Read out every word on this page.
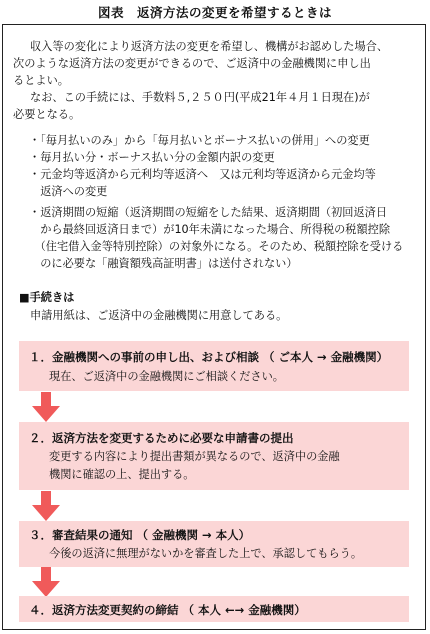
図表　返済方法の変更を希望するときは
収入等の変化により返済方法の変更を希望し、機構がお認めした場合、
次のような返済方法の変更ができるので、ご返済中の金融機関に申し出
るとよい。
なお、この手続には、手数料５,２５０円(平成21年４月１日現在)が
必要となる。
・「毎月払いのみ」から「毎月払いとボーナス払いの併用」への変更
・毎月払い分・ボーナス払い分の金額内訳の変更
・元金均等返済から元利均等返済へ　又は元利均等返済から元金均等
　返済への変更
・返済期間の短縮（返済期間の短縮をした結果、返済期間（初回返済日
　から最終回返済日まで）が10年未満になった場合、所得税の税額控除
　（住宅借入金等特別控除）の対象外になる。そのため、税額控除を受ける
　のに必要な「融資額残高証明書」は送付されない）
■手続きは
申請用紙は、ご返済中の金融機関に用意してある。
１．金融機関への事前の申し出、および相談 （ ご本人 → 金融機関）
現在、ご返済中の金融機関にご相談ください。
２．返済方法を変更するために必要な申請書の提出
変更する内容により提出書類が異なるので、返済中の金融
機関に確認の上、提出する。
３．審査結果の通知 （ 金融機関 → 本人）
今後の返済に無理がないかを審査した上で、承認してもらう。
４．返済方法変更契約の締結 （ 本人 ←→ 金融機関）
